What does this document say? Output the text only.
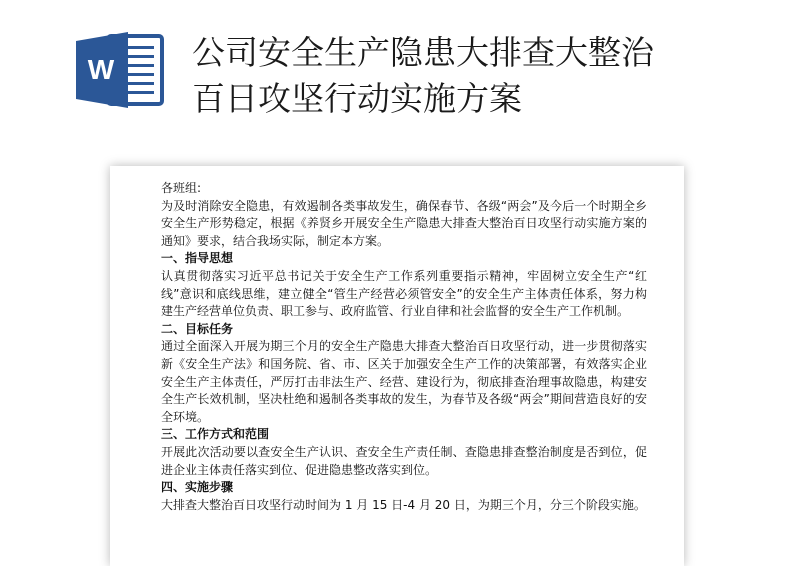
W 公司安全生产隐患大排查大整治
百日攻坚行动实施方案

各班组:

为及时消除安全隐患，有效遏制各类事故发生，确保春节、各级“两会”及今后一个时期全乡安全生产形势稳定，根据《养贤乡开展安全生产隐患大排查大整治百日攻坚行动实施方案的通知》要求，结合我场实际，制定本方案。

一、指导思想

认真贯彻落实习近平总书记关于安全生产工作系列重要指示精神，牢固树立安全生产“红线”意识和底线思维，建立健全“管生产经营必须管安全”的安全生产主体责任体系，努力构建生产经营单位负责、职工参与、政府监管、行业自律和社会监督的安全生产工作机制。

二、目标任务

通过全面深入开展为期三个月的安全生产隐患大排查大整治百日攻坚行动，进一步贯彻落实新《安全生产法》和国务院、省、市、区关于加强安全生产工作的决策部署，有效落实企业安全生产主体责任，严厉打击非法生产、经营、建设行为，彻底排查治理事故隐患，构建安全生产长效机制，坚决杜绝和遏制各类事故的发生，为春节及各级“两会”期间营造良好的安全环境。

三、工作方式和范围

开展此次活动要以查安全生产认识、查安全生产责任制、查隐患排查整治制度是否到位，促进企业主体责任落实到位、促进隐患整改落实到位。

四、实施步骤

大排查大整治百日攻坚行动时间为 1 月 15 日-4 月 20 日，为期三个月，分三个阶段实施。
